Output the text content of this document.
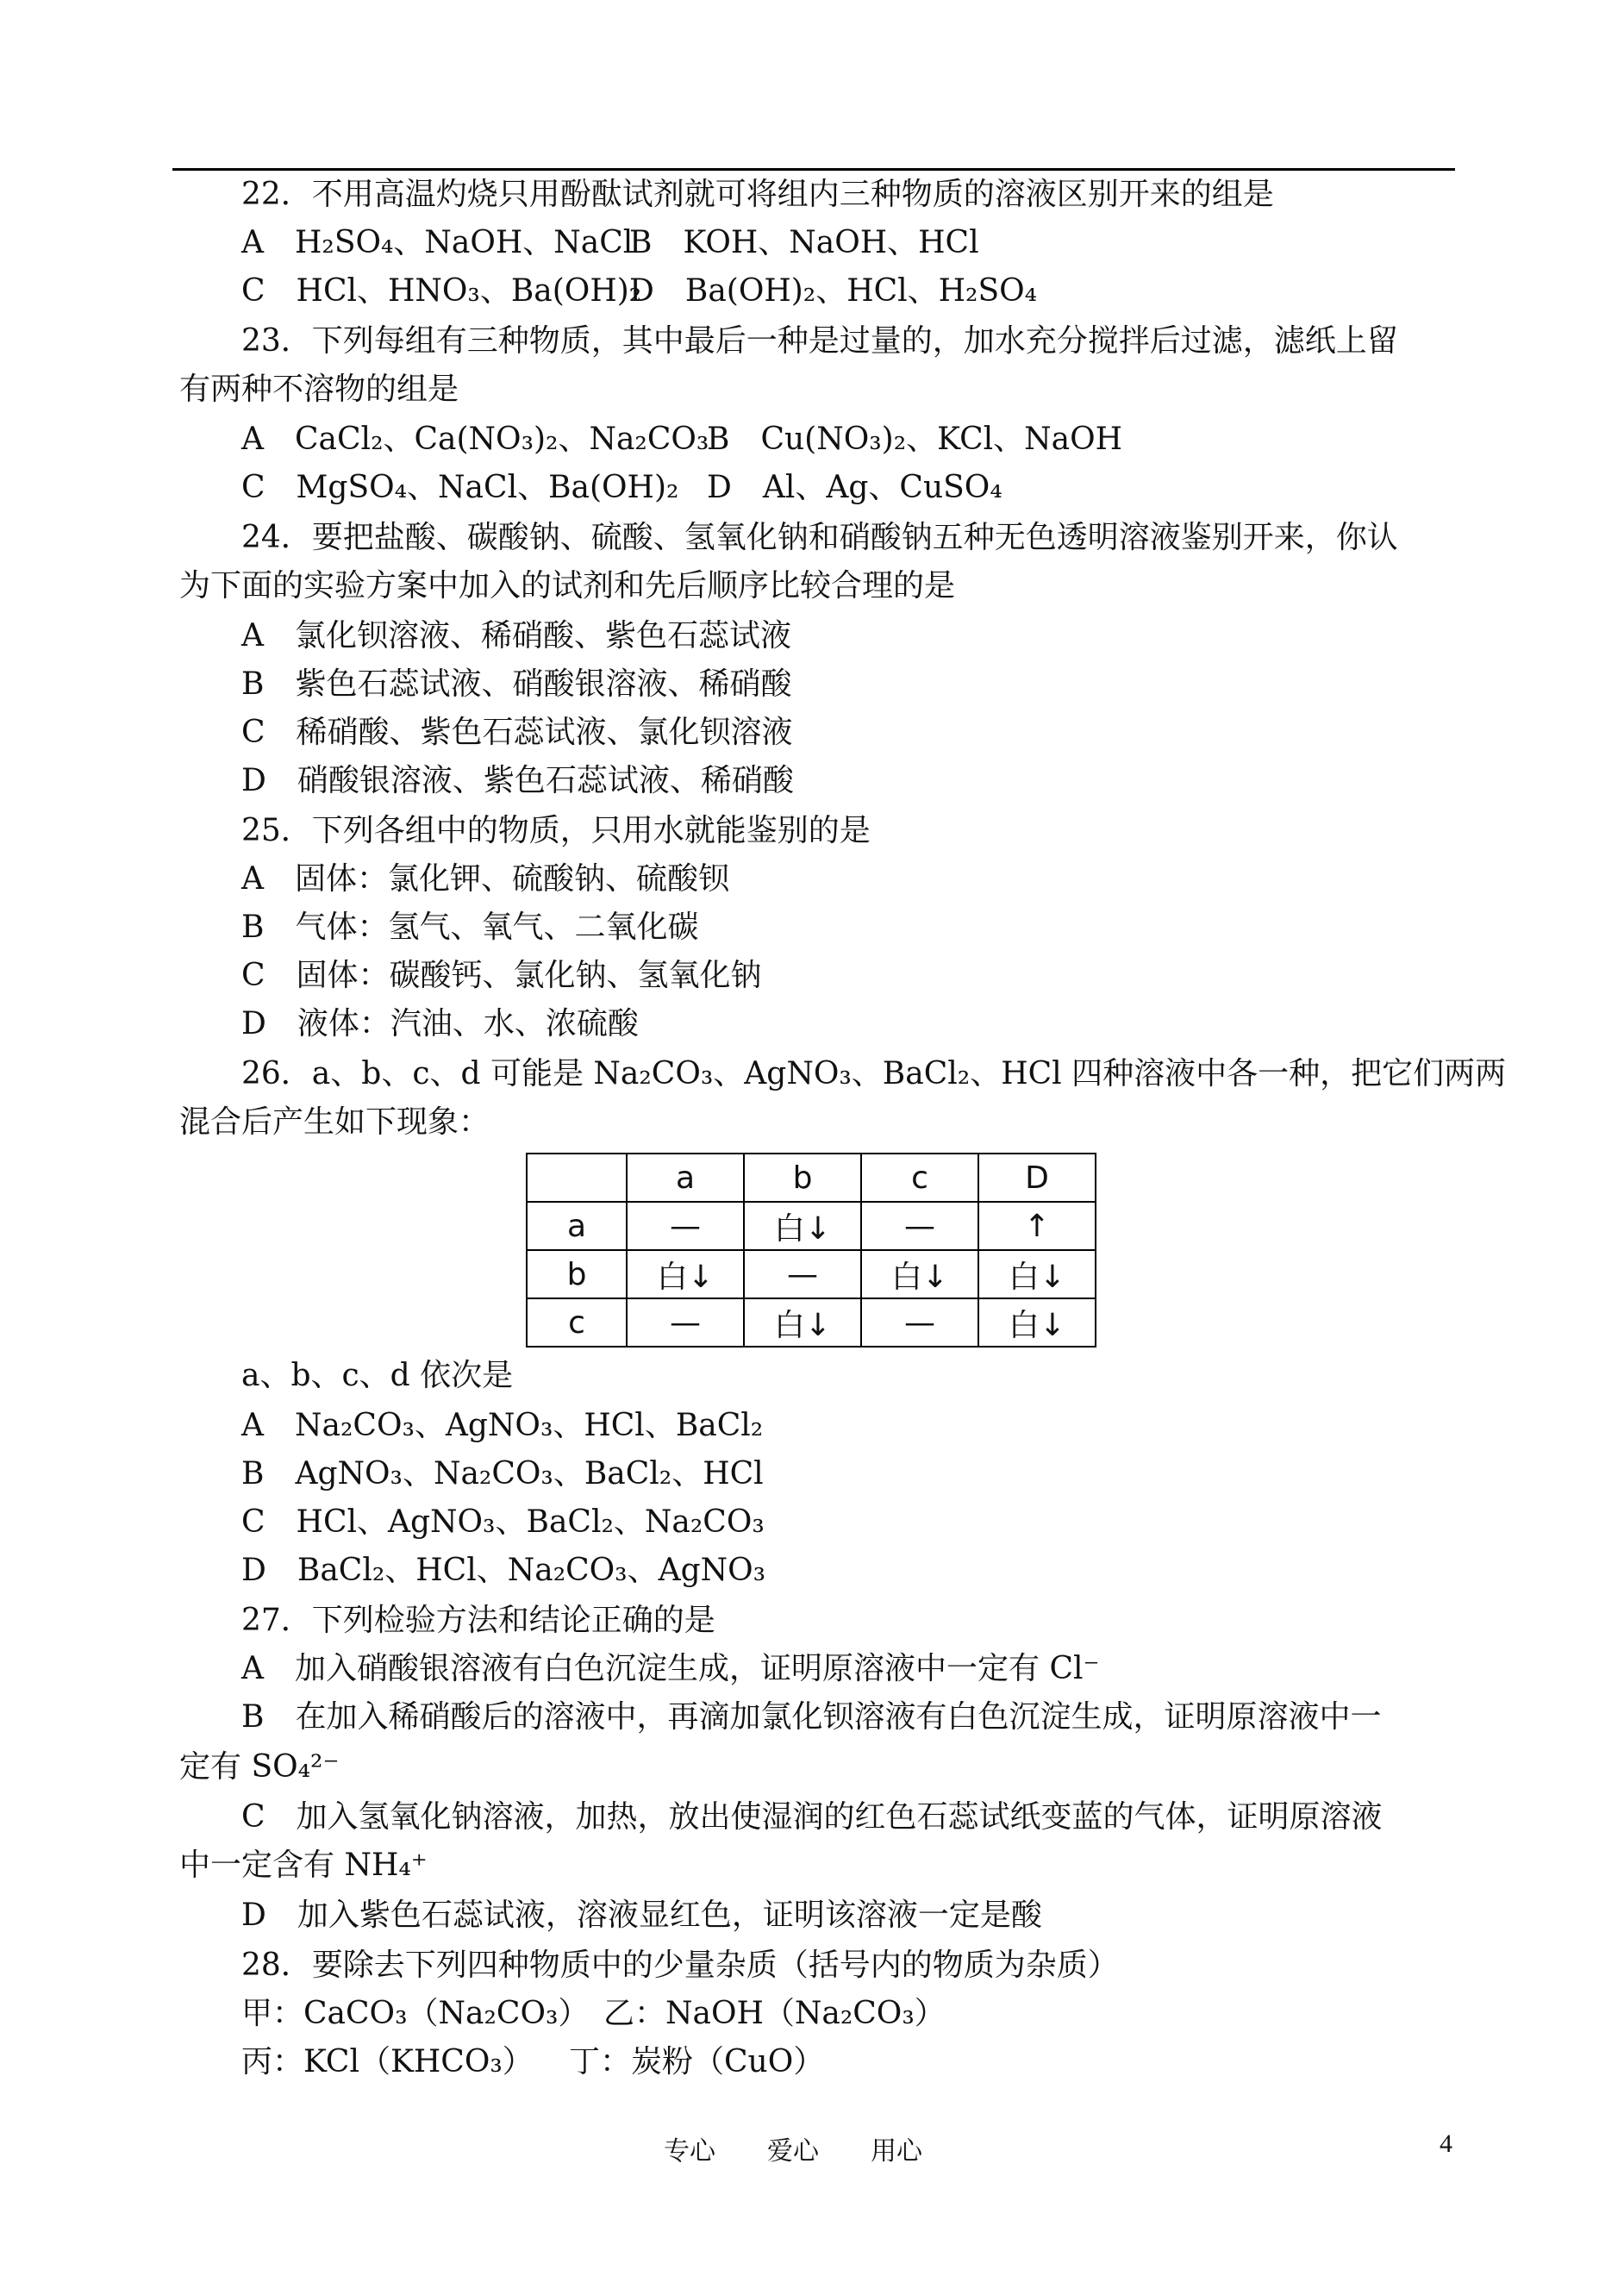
22．不用高温灼烧只用酚酞试剂就可将组内三种物质的溶液区别开来的组是
A　H₂SO₄、NaOH、NaCl
B　KOH、NaOH、HCl
C　HCl、HNO₃、Ba(OH)₂
D　Ba(OH)₂、HCl、H₂SO₄
23．下列每组有三种物质，其中最后一种是过量的，加水充分搅拌后过滤，滤纸上留
有两种不溶物的组是
A　CaCl₂、Ca(NO₃)₂、Na₂CO₃
B　Cu(NO₃)₂、KCl、NaOH
C　MgSO₄、NaCl、Ba(OH)₂ D　Al、Ag、CuSO₄
24．要把盐酸、碳酸钠、硫酸、氢氧化钠和硝酸钠五种无色透明溶液鉴别开来，你认
为下面的实验方案中加入的试剂和先后顺序比较合理的是
A　氯化钡溶液、稀硝酸、紫色石蕊试液
B　紫色石蕊试液、硝酸银溶液、稀硝酸
C　稀硝酸、紫色石蕊试液、氯化钡溶液
D　硝酸银溶液、紫色石蕊试液、稀硝酸
25．下列各组中的物质，只用水就能鉴别的是
A　固体：氯化钾、硫酸钠、硫酸钡
B　气体：氢气、氧气、二氧化碳
C　固体：碳酸钙、氯化钠、氢氧化钠
D　液体：汽油、水、浓硫酸
26．a、b、c、d 可能是 Na₂CO₃、AgNO₃、BaCl₂、HCl 四种溶液中各一种，把它们两两
混合后产生如下现象：
	a	b	c	D
a	—	白↓	—	↑
b	白↓	—	白↓	白↓
c	—	白↓	—	白↓
a、b、c、d 依次是
A　Na₂CO₃、AgNO₃、HCl、BaCl₂
B　AgNO₃、Na₂CO₃、BaCl₂、HCl
C　HCl、AgNO₃、BaCl₂、Na₂CO₃
D　BaCl₂、HCl、Na₂CO₃、AgNO₃
27．下列检验方法和结论正确的是
A　加入硝酸银溶液有白色沉淀生成，证明原溶液中一定有 Cl⁻
B　在加入稀硝酸后的溶液中，再滴加氯化钡溶液有白色沉淀生成，证明原溶液中一
定有 SO₄²⁻
C　加入氢氧化钠溶液，加热，放出使湿润的红色石蕊试纸变蓝的气体，证明原溶液
中一定含有 NH₄⁺
D　加入紫色石蕊试液，溶液显红色，证明该溶液一定是酸
28．要除去下列四种物质中的少量杂质（括号内的物质为杂质）
甲：CaCO₃（Na₂CO₃） 乙：NaOH（Na₂CO₃）
丙：KCl（KHCO₃） 丁：炭粉（CuO）
专心　　爱心　　用心	4
